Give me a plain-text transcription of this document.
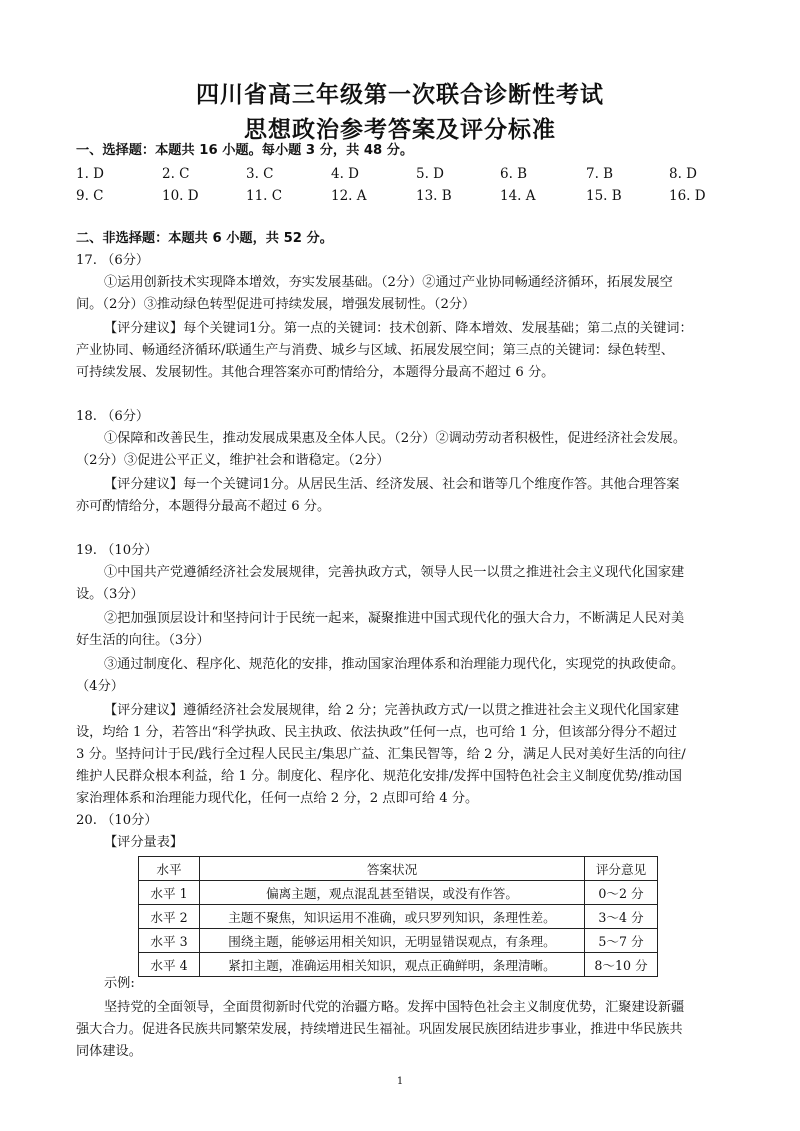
四川省高三年级第一次联合诊断性考试
思想政治参考答案及评分标准
一、选择题：本题共 16 小题。每小题 3 分，共 48 分。
1. D	2. C	3. C	4. D	5. D	6. B	7. B	8. D
9. C	10. D	11. C	12. A	13. B	14. A	15. B	16. D
二、非选择题：本题共 6 小题，共 52 分。
17. （6分）
①运用创新技术实现降本增效，夯实发展基础。（2分）②通过产业协同畅通经济循环，拓展发展空
间。（2分）③推动绿色转型促进可持续发展，增强发展韧性。（2分）
【评分建议】每个关键词1分。第一点的关键词：技术创新、降本增效、发展基础；第二点的关键词：
产业协同、畅通经济循环/联通生产与消费、城乡与区域、拓展发展空间；第三点的关键词：绿色转型、
可持续发展、发展韧性。其他合理答案亦可酌情给分，本题得分最高不超过 6 分。
18. （6分）
①保障和改善民生，推动发展成果惠及全体人民。（2分）②调动劳动者积极性，促进经济社会发展。
（2分）③促进公平正义，维护社会和谐稳定。（2分）
【评分建议】每一个关键词1分。从居民生活、经济发展、社会和谐等几个维度作答。其他合理答案
亦可酌情给分，本题得分最高不超过 6 分。
19. （10分）
①中国共产党遵循经济社会发展规律，完善执政方式，领导人民一以贯之推进社会主义现代化国家建
设。（3分）
②把加强顶层设计和坚持问计于民统一起来，凝聚推进中国式现代化的强大合力，不断满足人民对美
好生活的向往。（3分）
③通过制度化、程序化、规范化的安排，推动国家治理体系和治理能力现代化，实现党的执政使命。
（4分）
【评分建议】遵循经济社会发展规律，给 2 分；完善执政方式/一以贯之推进社会主义现代化国家建
设，均给 1 分，若答出“科学执政、民主执政、依法执政”任何一点，也可给 1 分，但该部分得分不超过
3 分。坚持问计于民/践行全过程人民民主/集思广益、汇集民智等，给 2 分，满足人民对美好生活的向往/
维护人民群众根本利益，给 1 分。制度化、程序化、规范化安排/发挥中国特色社会主义制度优势/推动国
家治理体系和治理能力现代化，任何一点给 2 分，2 点即可给 4 分。
20. （10分）
【评分量表】
水平	答案状况	评分意见
水平 1	偏离主题，观点混乱甚至错误，或没有作答。	0～2 分
水平 2	主题不聚焦，知识运用不准确，或只罗列知识，条理性差。	3～4 分
水平 3	围绕主题，能够运用相关知识，无明显错误观点，有条理。	5～7 分
水平 4	紧扣主题，准确运用相关知识，观点正确鲜明，条理清晰。	8～10 分
示例:
坚持党的全面领导，全面贯彻新时代党的治疆方略。发挥中国特色社会主义制度优势，汇聚建设新疆
强大合力。促进各民族共同繁荣发展，持续增进民生福祉。巩固发展民族团结进步事业，推进中华民族共
同体建设。
1
